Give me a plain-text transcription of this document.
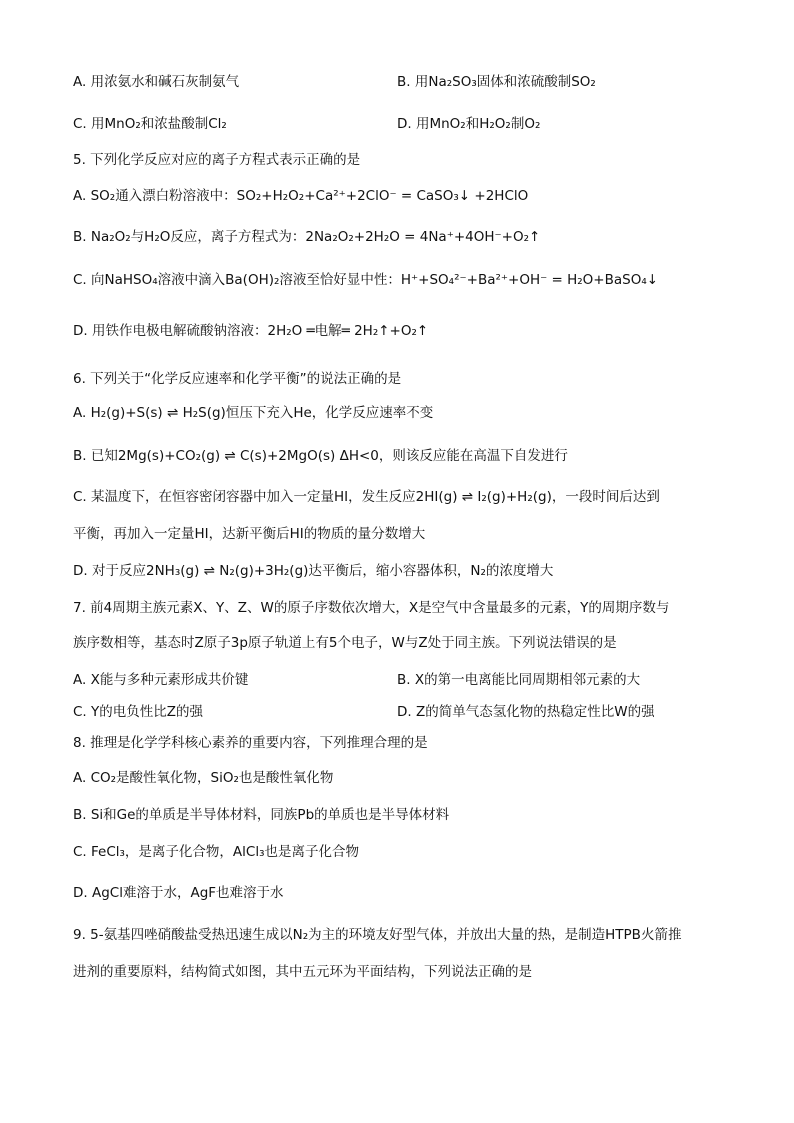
A. 用浓氨水和碱石灰制氨气	B. 用Na₂SO₃固体和浓硫酸制SO₂
C. 用MnO₂和浓盐酸制Cl₂	D. 用MnO₂和H₂O₂制O₂
5. 下列化学反应对应的离子方程式表示正确的是
A. SO₂通入漂白粉溶液中：SO₂+H₂O₂+Ca²⁺+2ClO⁻ = CaSO₃↓ +2HClO
B. Na₂O₂与H₂O反应，离子方程式为：2Na₂O₂+2H₂O = 4Na⁺+4OH⁻+O₂↑
C. 向NaHSO₄溶液中滴入Ba(OH)₂溶液至恰好显中性：H⁺+SO₄²⁻+Ba²⁺+OH⁻ = H₂O+BaSO₄↓
D. 用铁作电极电解硫酸钠溶液：2H₂O ═电解═ 2H₂↑+O₂↑
6. 下列关于“化学反应速率和化学平衡”的说法正确的是
A. H₂(g)+S(s) ⇌ H₂S(g)恒压下充入He，化学反应速率不变
B. 已知2Mg(s)+CO₂(g) ⇌ C(s)+2MgO(s) ΔH<0，则该反应能在高温下自发进行
C. 某温度下，在恒容密闭容器中加入一定量HI，发生反应2HI(g) ⇌ I₂(g)+H₂(g)，一段时间后达到
平衡，再加入一定量HI，达新平衡后HI的物质的量分数增大
D. 对于反应2NH₃(g) ⇌ N₂(g)+3H₂(g)达平衡后，缩小容器体积，N₂的浓度增大
7. 前4周期主族元素X、Y、Z、W的原子序数依次增大，X是空气中含量最多的元素，Y的周期序数与
族序数相等，基态时Z原子3p原子轨道上有5个电子，W与Z处于同主族。下列说法错误的是
A. X能与多种元素形成共价键	B. X的第一电离能比同周期相邻元素的大
C. Y的电负性比Z的强	D. Z的简单气态氢化物的热稳定性比W的强
8. 推理是化学学科核心素养的重要内容，下列推理合理的是
A. CO₂是酸性氧化物，SiO₂也是酸性氧化物
B. Si和Ge的单质是半导体材料，同族Pb的单质也是半导体材料
C. FeCl₃，是离子化合物，AlCl₃也是离子化合物
D. AgCl难溶于水，AgF也难溶于水
9. 5-氨基四唑硝酸盐受热迅速生成以N₂为主的环境友好型气体，并放出大量的热，是制造HTPB火箭推
进剂的重要原料，结构简式如图，其中五元环为平面结构，下列说法正确的是
